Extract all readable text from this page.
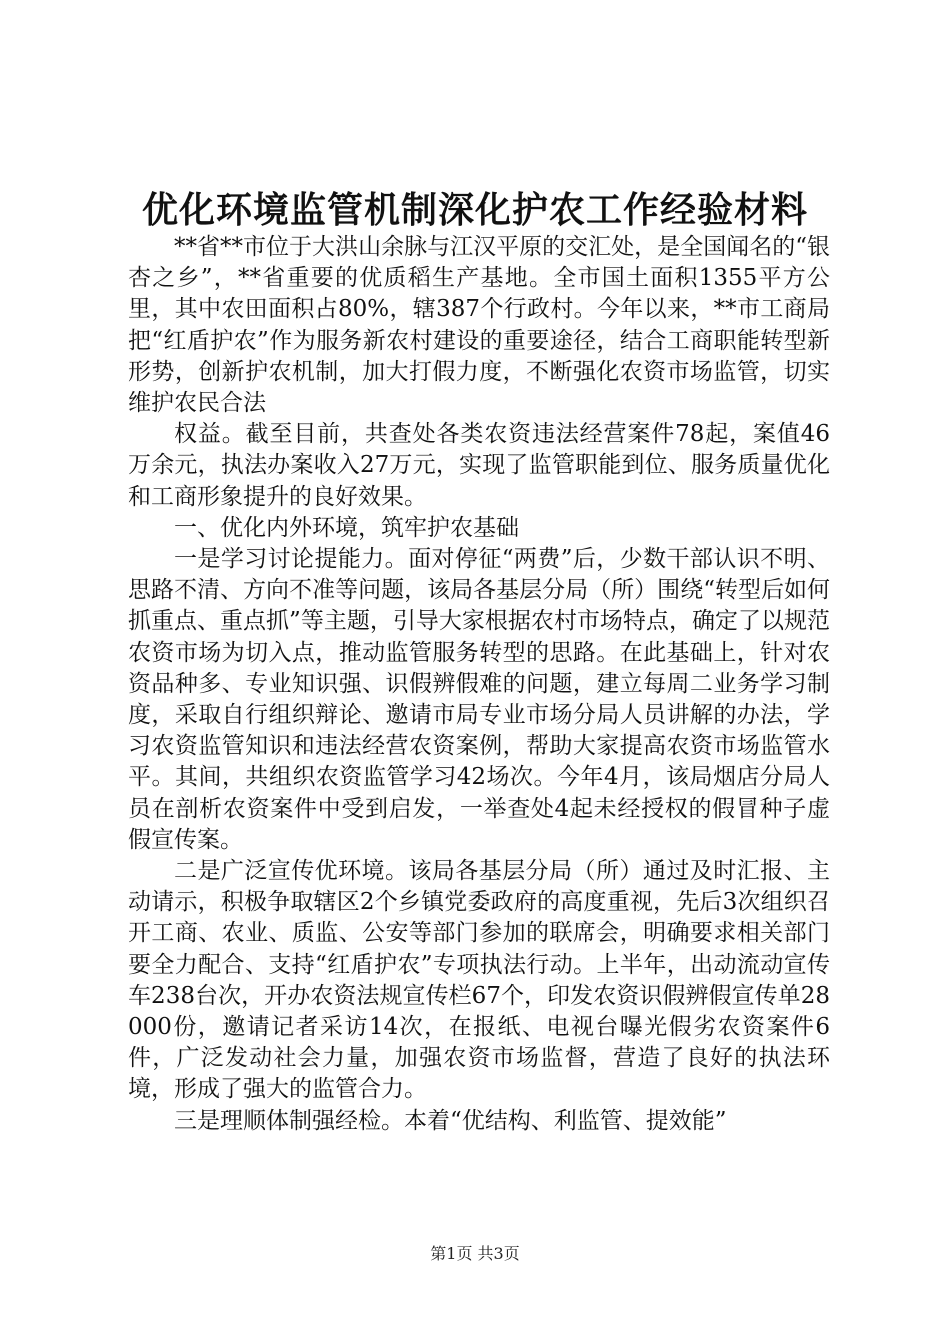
优化环境监管机制深化护农工作经验材料

**省**市位于大洪山余脉与江汉平原的交汇处，是全国闻名的“银杏之乡”，**省重要的优质稻生产基地。全市国土面积1355平方公里，其中农田面积占80%，辖387个行政村。今年以来，**市工商局把“红盾护农”作为服务新农村建设的重要途径，结合工商职能转型新形势，创新护农机制，加大打假力度，不断强化农资市场监管，切实维护农民合法

权益。截至目前，共查处各类农资违法经营案件78起，案值46万余元，执法办案收入27万元，实现了监管职能到位、服务质量优化和工商形象提升的良好效果。

一、优化内外环境，筑牢护农基础

一是学习讨论提能力。面对停征“两费”后，少数干部认识不明、思路不清、方向不准等问题，该局各基层分局（所）围绕“转型后如何抓重点、重点抓”等主题，引导大家根据农村市场特点，确定了以规范农资市场为切入点，推动监管服务转型的思路。在此基础上，针对农资品种多、专业知识强、识假辨假难的问题，建立每周二业务学习制度，采取自行组织辩论、邀请市局专业市场分局人员讲解的办法，学习农资监管知识和违法经营农资案例，帮助大家提高农资市场监管水平。其间，共组织农资监管学习42场次。今年4月，该局烟店分局人员在剖析农资案件中受到启发，一举查处4起未经授权的假冒种子虚假宣传案。

二是广泛宣传优环境。该局各基层分局（所）通过及时汇报、主动请示，积极争取辖区2个乡镇党委政府的高度重视，先后3次组织召开工商、农业、质监、公安等部门参加的联席会，明确要求相关部门要全力配合、支持“红盾护农”专项执法行动。上半年，出动流动宣传车238台次，开办农资法规宣传栏67个，印发农资识假辨假宣传单28000份，邀请记者采访14次，在报纸、电视台曝光假劣农资案件6件，广泛发动社会力量，加强农资市场监督，营造了良好的执法环境，形成了强大的监管合力。

三是理顺体制强经检。本着“优结构、利监管、提效能”

第1页 共3页
